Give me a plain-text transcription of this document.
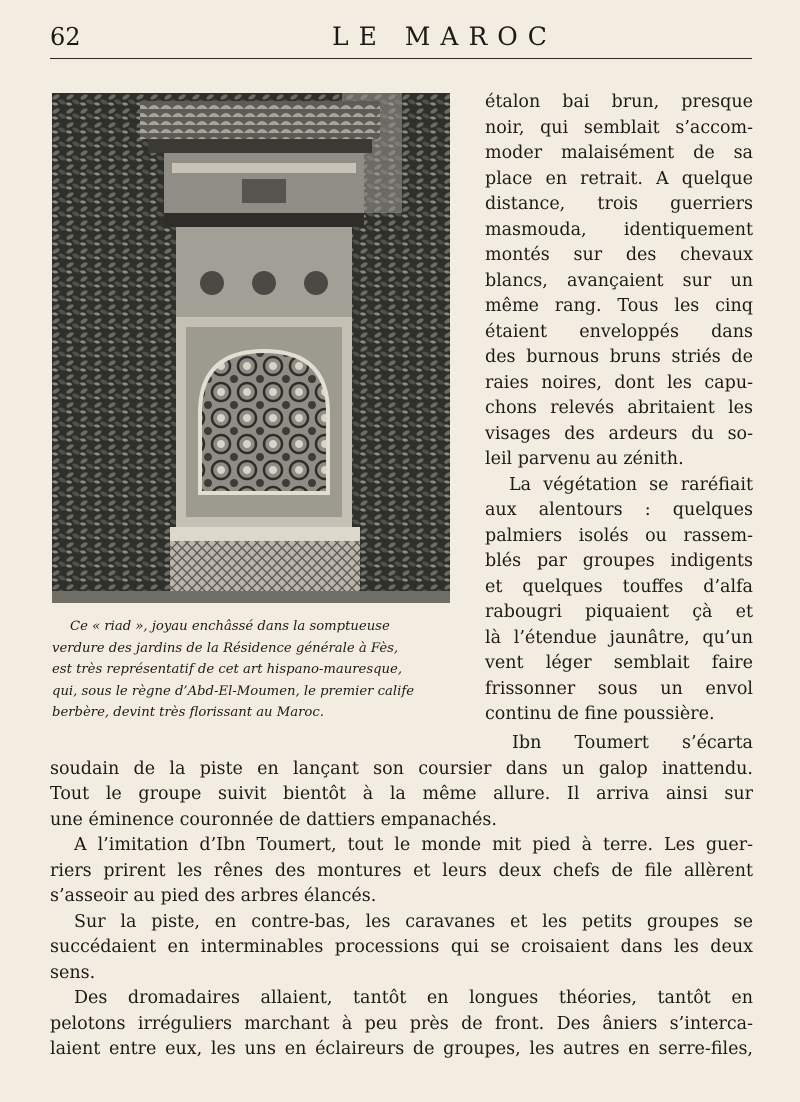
62	LE MAROC
Ce « riad », joyau enchâssé dans la somptueuse
verdure des jardins de la Résidence générale à Fès,
est très représentatif de cet art hispano-mauresque,
qui, sous le règne d’Abd-El-Moumen, le premier calife
berbère, devint très florissant au Maroc.
étalon bai brun, presque
noir, qui semblait s’accom-
moder malaisément de sa
place en retrait. A quelque
distance, trois guerriers
masmouda, identiquement
montés sur des chevaux
blancs, avançaient sur un
même rang. Tous les cinq
étaient enveloppés dans
des burnous bruns striés de
raies noires, dont les capu-
chons relevés abritaient les
visages des ardeurs du so-
leil parvenu au zénith.
La végétation se raréfiait
aux alentours : quelques
palmiers isolés ou rassem-
blés par groupes indigents
et quelques touffes d’alfa
rabougri piquaient çà et
là l’étendue jaunâtre, qu’un
vent léger semblait faire
frissonner sous un envol
continu de fine poussière.
Ibn Toumert s’écarta
soudain de la piste en lançant son coursier dans un galop inattendu.
Tout le groupe suivit bientôt à la même allure. Il arriva ainsi sur
une éminence couronnée de dattiers empanachés.
A l’imitation d’Ibn Toumert, tout le monde mit pied à terre. Les guer-
riers prirent les rênes des montures et leurs deux chefs de file allèrent
s’asseoir au pied des arbres élancés.
Sur la piste, en contre-bas, les caravanes et les petits groupes se
succédaient en interminables processions qui se croisaient dans les deux
sens.
Des dromadaires allaient, tantôt en longues théories, tantôt en
pelotons irréguliers marchant à peu près de front. Des âniers s’interca-
laient entre eux, les uns en éclaireurs de groupes, les autres en serre-files,
